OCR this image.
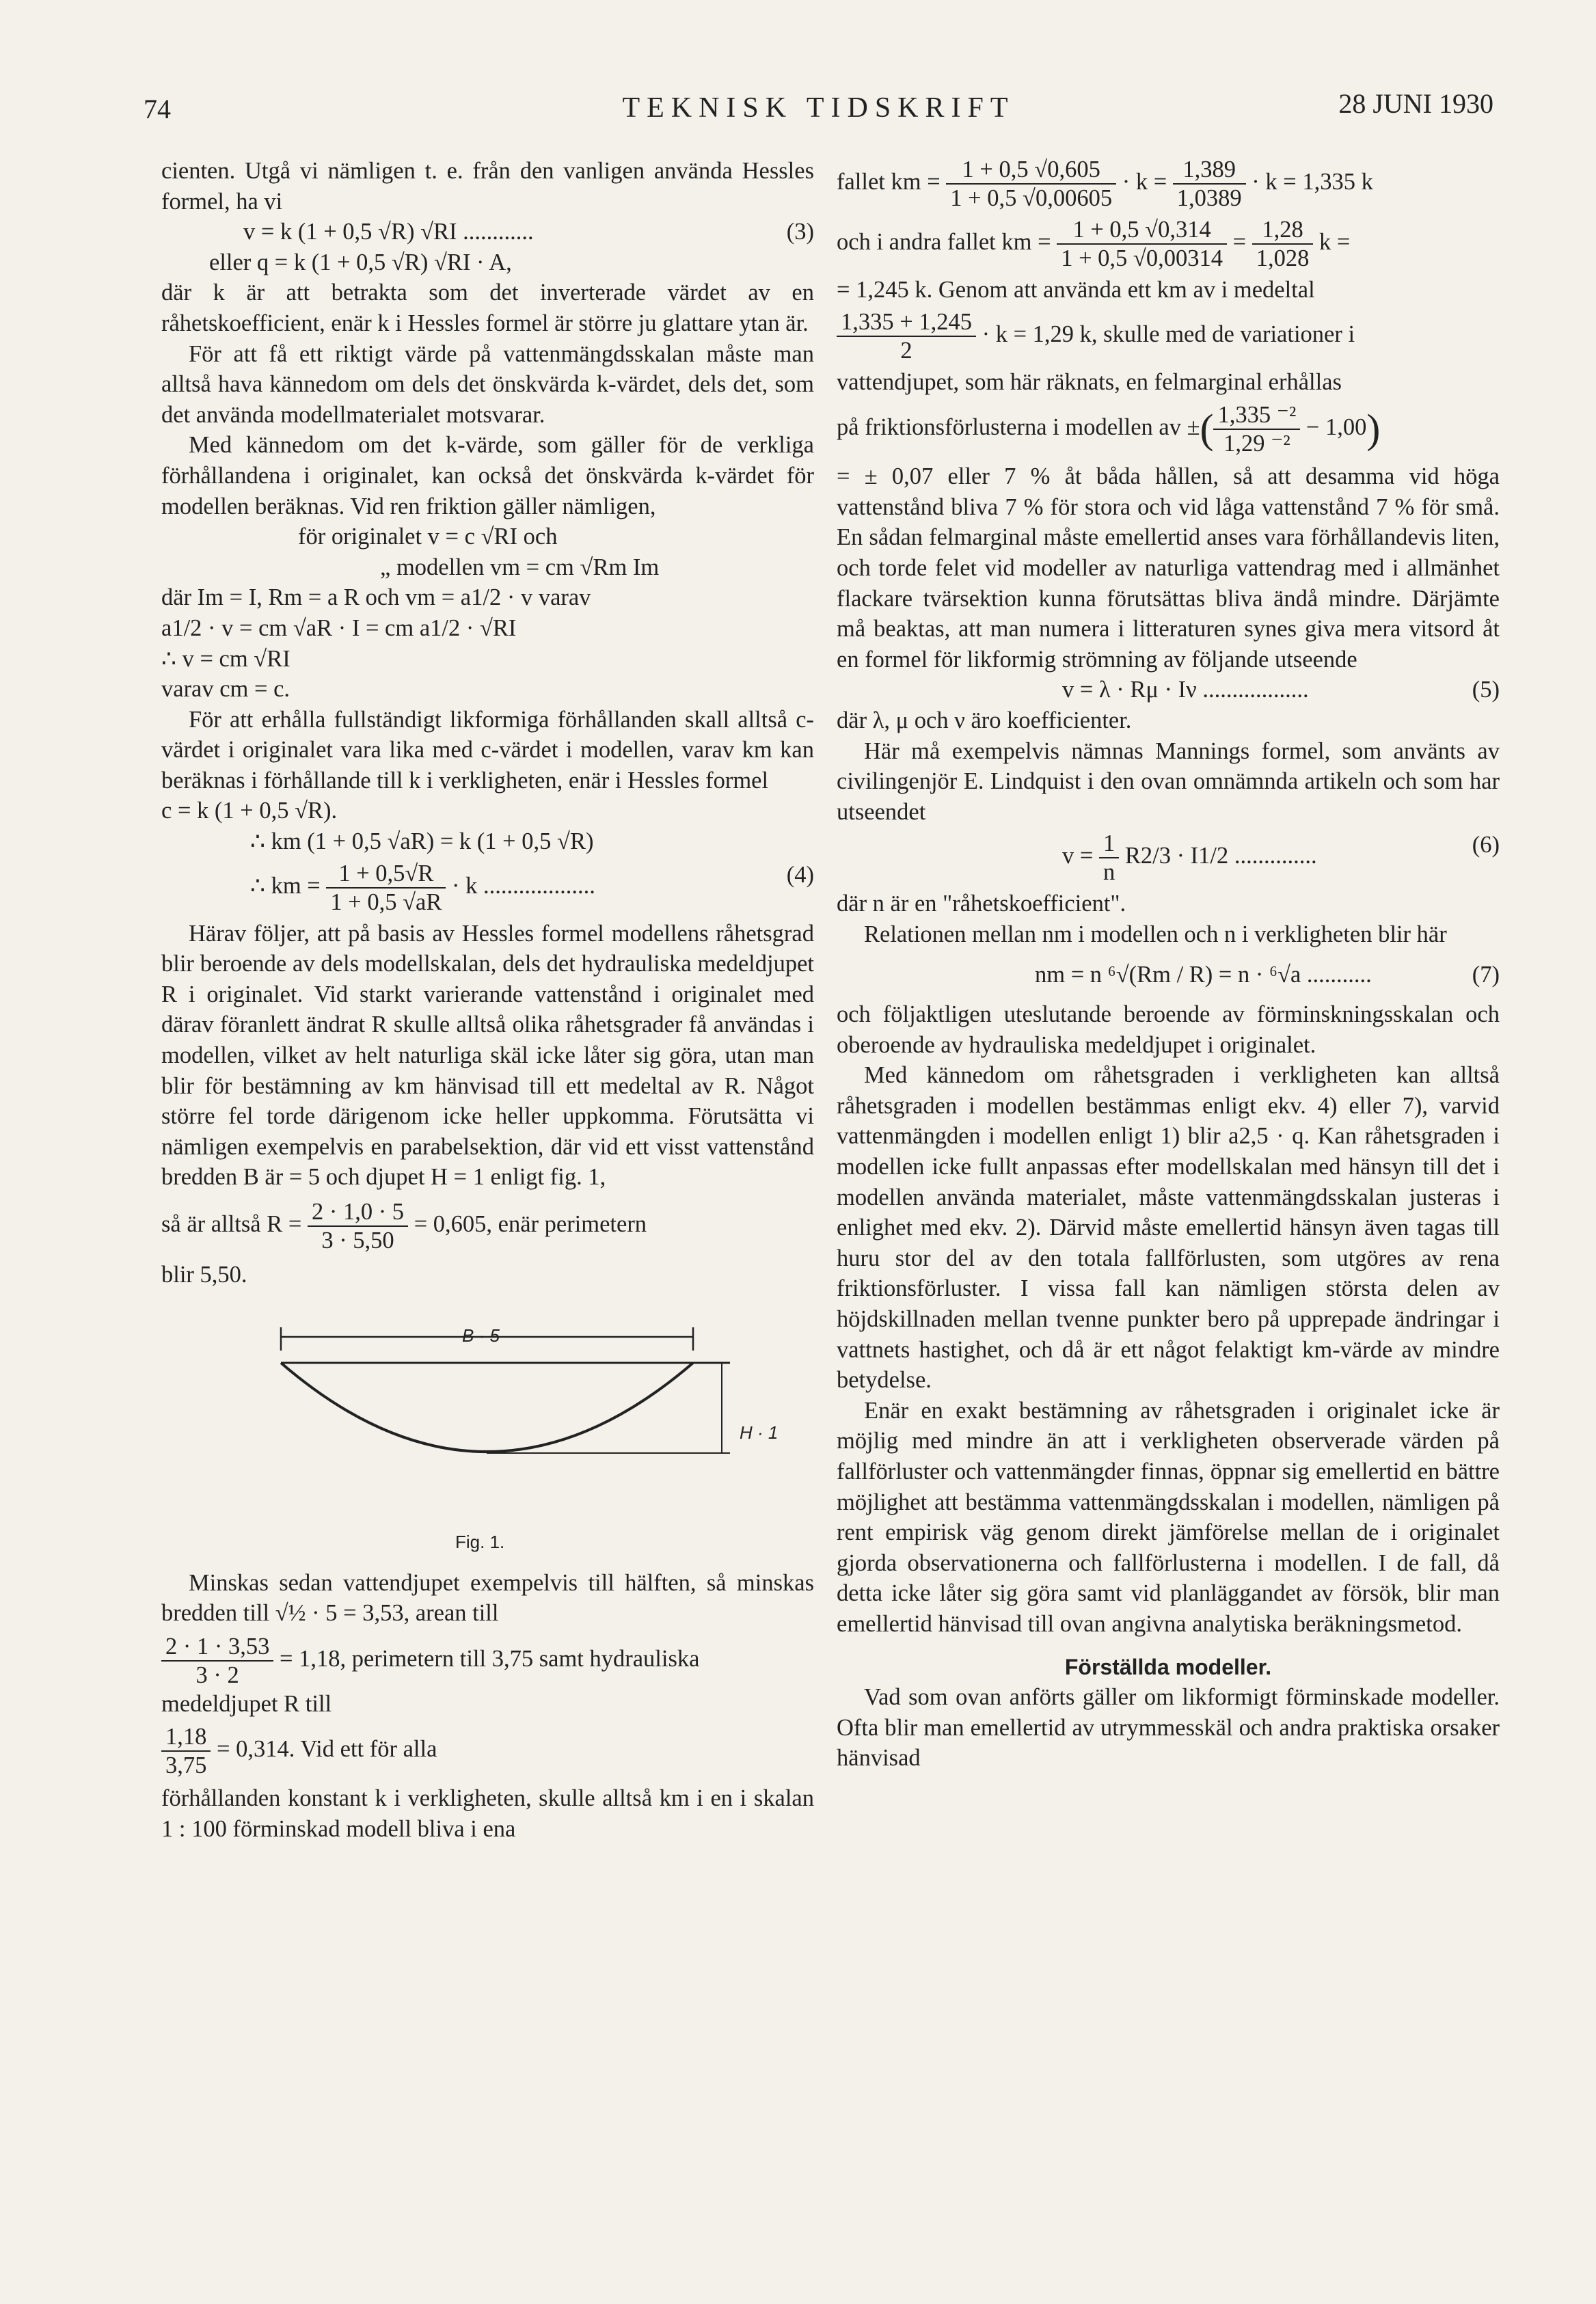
74	TEKNISK TIDSKRIFT	28 JUNI 1930

cienten. Utgå vi nämligen t. e. från den vanligen använda Hessles formel, ha vi

v = k (1 + 0,5 √R) √RI ............	(3)
eller q = k (1 + 0,5 √R) √RI · A,

där k är att betrakta som det inverterade värdet av en råhetskoefficient, enär k i Hessles formel är större ju glattare ytan är.

För att få ett riktigt värde på vattenmängdsskalan måste man alltså hava kännedom om dels det önskvärda k-värdet, dels det, som det använda modellmaterialet motsvarar.

Med kännedom om det k-värde, som gäller för de verkliga förhållandena i originalet, kan också det önskvärda k-värdet för modellen beräknas. Vid ren friktion gäller nämligen,

för originalet v = c √RI och
„ modellen vm = cm √Rm Im
där Im = I, Rm = a R och vm = a1/2 · v varav
a1/2 · v = cm √aR · I = cm a1/2 · √RI
∴ v = cm √RI
varav cm = c.

För att erhålla fullständigt likformiga förhållanden skall alltså c-värdet i originalet vara lika med c-värdet i modellen, varav km kan beräknas i förhållande till k i verkligheten, enär i Hessles formel

c = k (1 + 0,5 √R).
∴ km (1 + 0,5 √aR) = k (1 + 0,5 √R)
∴ km = $\frac{1 + 0,5√R}{1 + 0,5 √aR} \cdot k$ ...................	(4)

Härav följer, att på basis av Hessles formel modellens råhetsgrad blir beroende av dels modellskalan, dels det hydrauliska medeldjupet R i originalet. Vid starkt varierande vattenstånd i originalet med därav föranlett ändrat R skulle alltså olika råhetsgrader få användas i modellen, vilket av helt naturliga skäl icke låter sig göra, utan man blir för bestämning av km hänvisad till ett medeltal av R. Något större fel torde därigenom icke heller uppkomma. Förutsätta vi nämligen exempelvis en parabelsektion, där vid ett visst vattenstånd bredden B är = 5 och djupet H = 1 enligt fig. 1,

så är alltså $R = \frac{2 \cdot 1,0 \cdot 5}{3 \cdot 5,50} = 0,605$, enär perimetern

blir 5,50.

B · 5
H · 1
Fig. 1.

Minskas sedan vattendjupet exempelvis till hälften, så minskas bredden till √½ · 5 = 3,53, arean till

$\frac{2 \cdot 1 \cdot 3,53}{3 \cdot 2} = 1,18$, perimetern till 3,75 samt hydrauliska medeldjupet R till
$\frac{1,18}{3,75} = 0,314$. Vid ett för alla

förhållanden konstant k i verkligheten, skulle alltså km i en i skalan 1 : 100 förminskad modell bliva i ena

fallet km = $\frac{1 + 0,5 √0,605}{1 + 0,5 √0,00605} \cdot k = \frac{1,389}{1,0389} \cdot k = 1,335$ k
och i andra fallet km = $\frac{1 + 0,5 √0,314}{1 + 0,5 √0,00314} = \frac{1,28}{1,028}$ k =

= 1,245 k. Genom att använda ett km av i medeltal

$\frac{1,335 + 1,245}{2} \cdot k = 1,29$ k, skulle med de variationer i

vattendjupet, som här räknats, en felmarginal erhållas

på friktionsförlusterna i modellen av ±( $\frac{\text{1,335 ⁻²}}{\text{1,29 ⁻²}} - 1,00$)

= ± 0,07 eller 7 % åt båda hållen, så att desamma vid höga vattenstånd bliva 7 % för stora och vid låga vattenstånd 7 % för små. En sådan felmarginal måste emellertid anses vara förhållandevis liten, och torde felet vid modeller av naturliga vattendrag med i allmänhet flackare tvärsektion kunna förutsättas bliva ändå mindre. Därjämte må beaktas, att man numera i litteraturen synes giva mera vitsord åt en formel för likformig strömning av följande utseende

v = λ · Rμ · Iν ..................	(5)

där λ, μ och ν äro koefficienter.

Här må exempelvis nämnas Mannings formel, som använts av civilingenjör E. Lindquist i den ovan omnämnda artikeln och som har utseendet

$v = \frac{1}{n} R2/3 \cdot I1/2$ ..............	(6)

där n är en "råhetskoefficient".

Relationen mellan nm i modellen och n i verkligheten blir här

nm = n ⁶√(Rm / R) = n · ⁶√a ...........	(7)

och följaktligen uteslutande beroende av förminskningsskalan och oberoende av hydrauliska medeldjupet i originalet.

Med kännedom om råhetsgraden i verkligheten kan alltså råhetsgraden i modellen bestämmas enligt ekv. 4) eller 7), varvid vattenmängden i modellen enligt 1) blir a2,5 · q. Kan råhetsgraden i modellen icke fullt anpassas efter modellskalan med hänsyn till det i modellen använda materialet, måste vattenmängdsskalan justeras i enlighet med ekv. 2). Därvid måste emellertid hänsyn även tagas till huru stor del av den totala fallförlusten, som utgöres av rena friktionsförluster. I vissa fall kan nämligen största delen av höjdskillnaden mellan tvenne punkter bero på upprepade ändringar i vattnets hastighet, och då är ett något felaktigt km-värde av mindre betydelse.

Enär en exakt bestämning av råhetsgraden i originalet icke är möjlig med mindre än att i verkligheten observerade värden på fallförluster och vattenmängder finnas, öppnar sig emellertid en bättre möjlighet att bestämma vattenmängdsskalan i modellen, nämligen på rent empirisk väg genom direkt jämförelse mellan de i originalet gjorda observationerna och fallförlusterna i modellen. I de fall, då detta icke låter sig göra samt vid planläggandet av försök, blir man emellertid hänvisad till ovan angivna analytiska beräkningsmetod.

Förställda modeller.

Vad som ovan anförts gäller om likformigt förminskade modeller. Ofta blir man emellertid av utrymmesskäl och andra praktiska orsaker hänvisad
